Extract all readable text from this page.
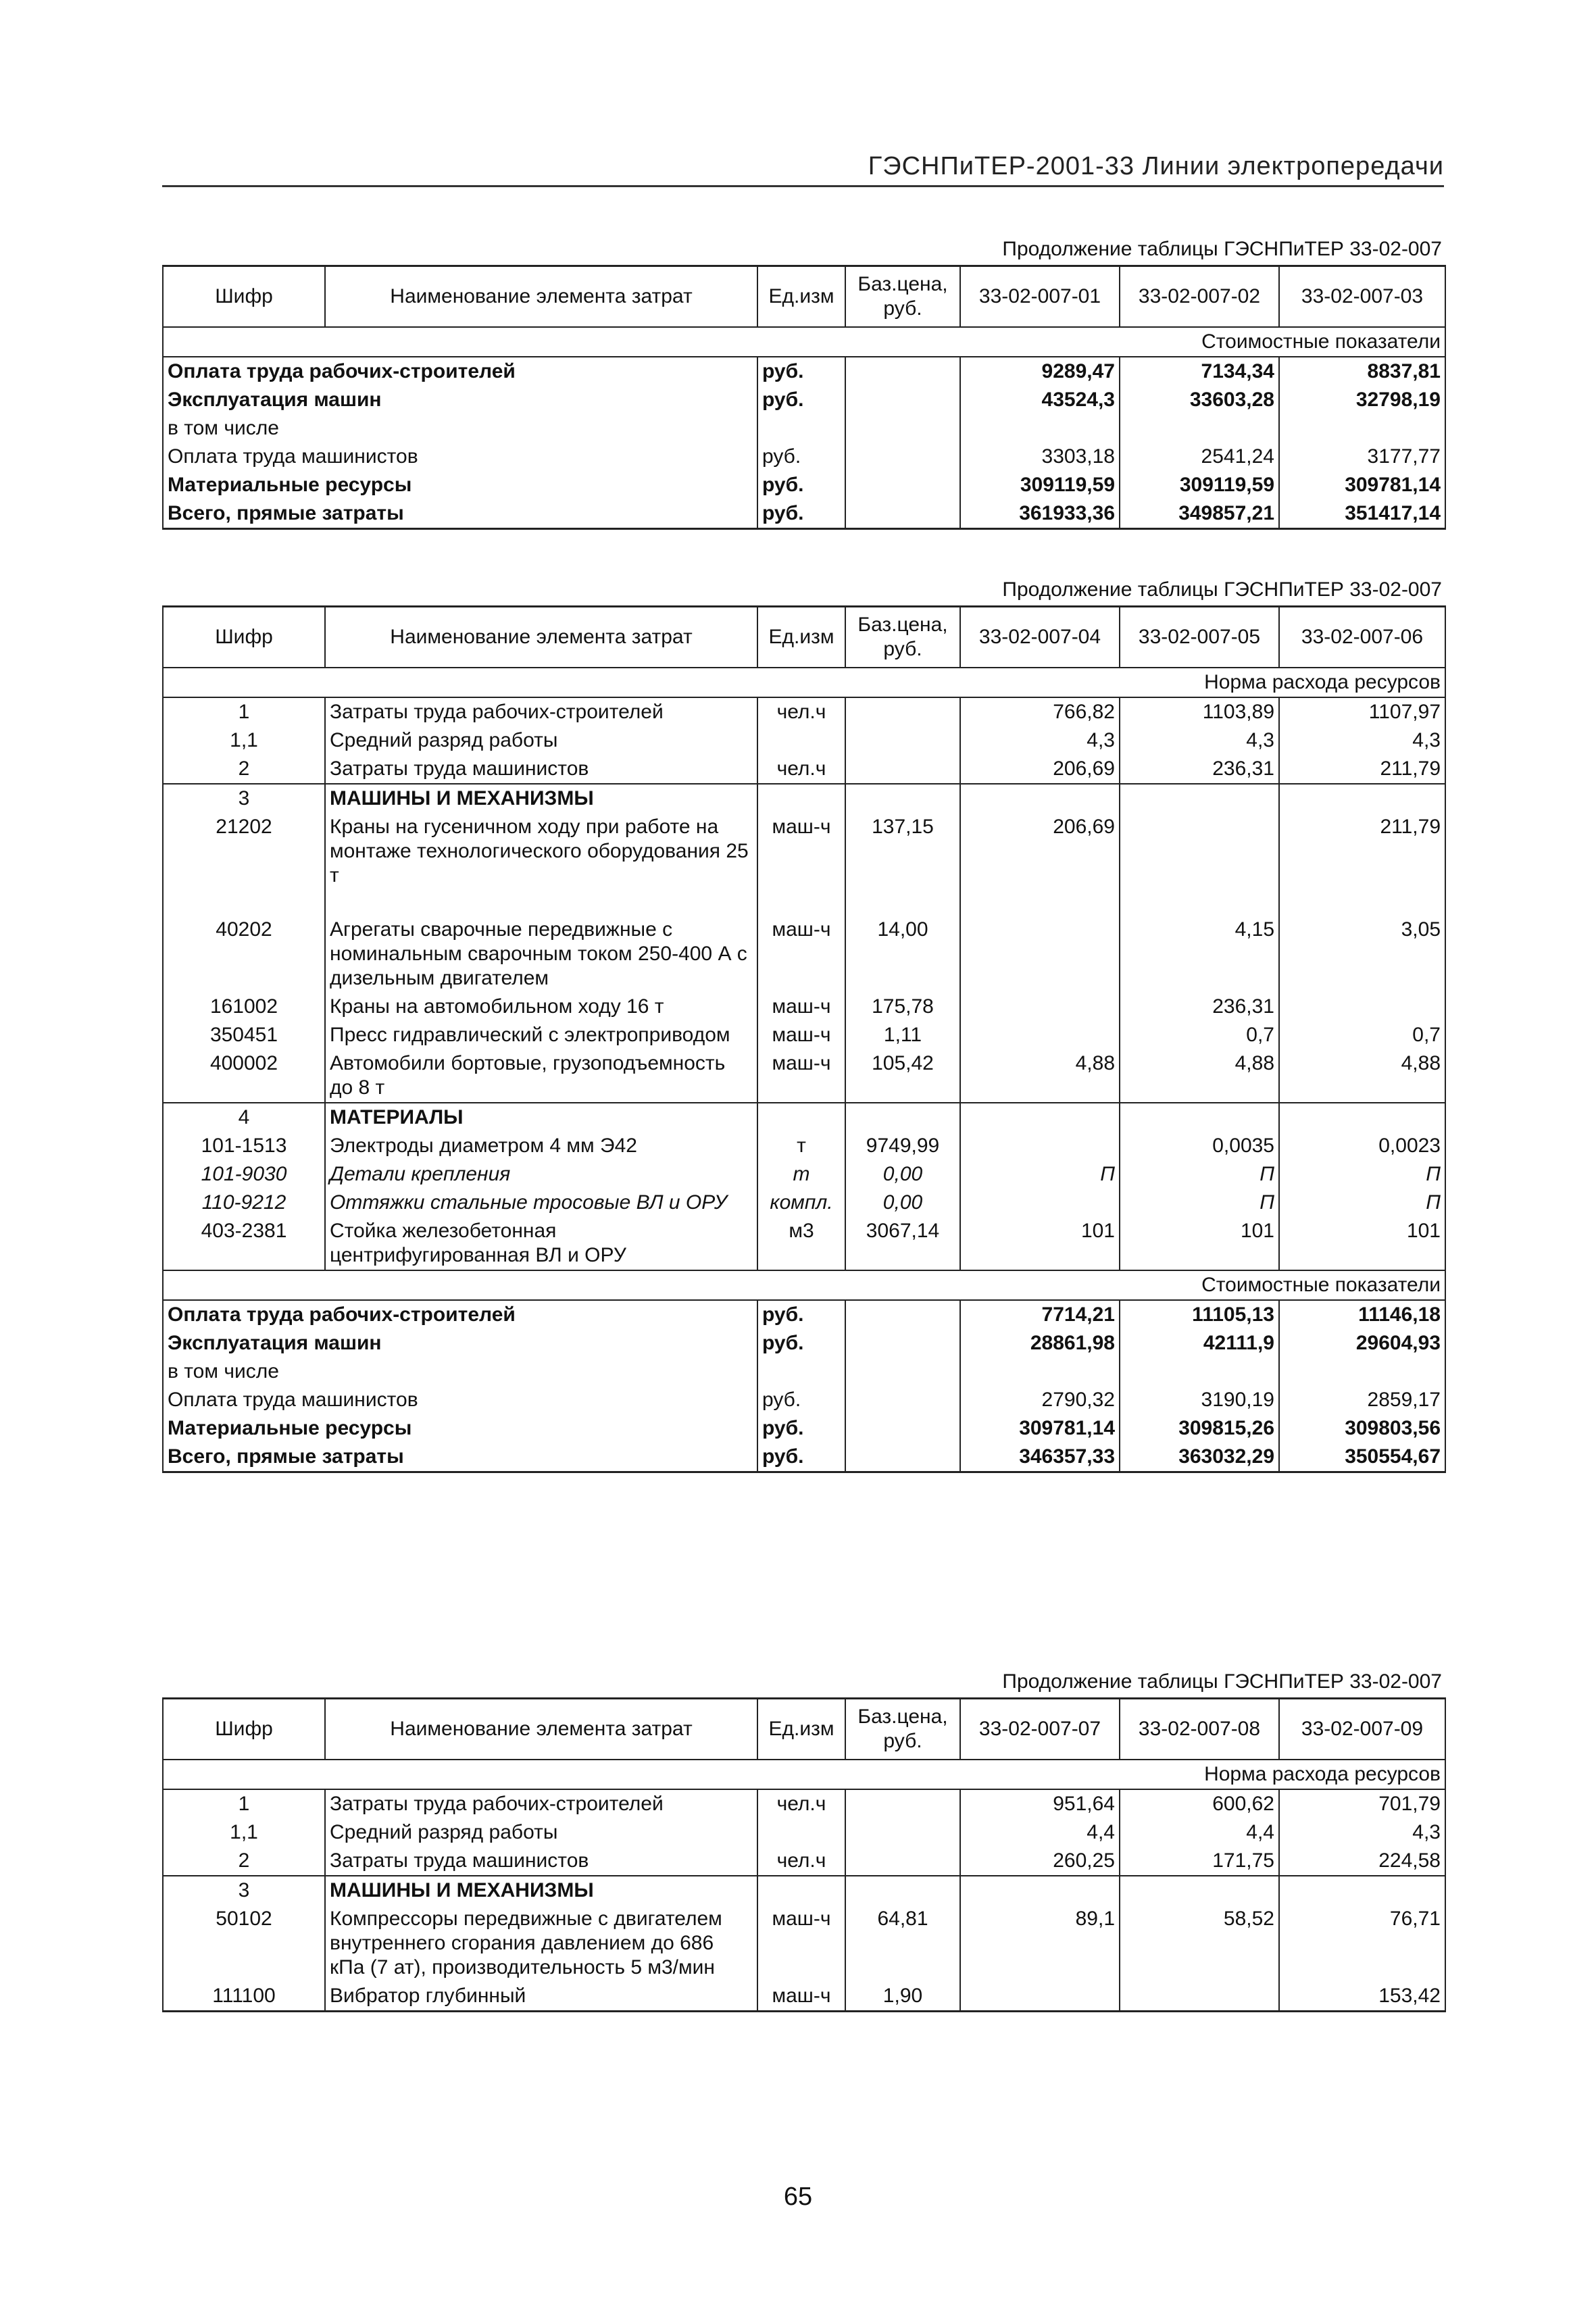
ГЭСНПиТЕР-2001-33 Линии электропередачи
Продолжение таблицы ГЭСНПиТЕР 33-02-007
Шифр	Наименование элемента затрат	Ед.изм	Баз.цена, руб.	33-02-007-01	33-02-007-02	33-02-007-03
Стоимостные показатели						
Оплата труда рабочих-строителей		руб.		9289,47	7134,34	8837,81
Эксплуатация машин		руб.		43524,3	33603,28	32798,19
в том числе						
Оплата труда машинистов		руб.		3303,18	2541,24	3177,77
Материальные ресурсы		руб.		309119,59	309119,59	309781,14
Всего, прямые затраты		руб.		361933,36	349857,21	351417,14
Продолжение таблицы ГЭСНПиТЕР 33-02-007
Шифр	Наименование элемента затрат	Ед.изм	Баз.цена, руб.	33-02-007-04	33-02-007-05	33-02-007-06
Норма расхода ресурсов						
1	Затраты труда рабочих-строителей	чел.ч		766,82	1103,89	1107,97
1,1	Средний разряд работы			4,3	4,3	4,3
2	Затраты труда машинистов	чел.ч		206,69	236,31	211,79
3	МАШИНЫ И МЕХАНИЗМЫ					
21202	Краны на гусеничном ходу при работе на монтаже технологического оборудования 25 т	маш-ч	137,15	206,69		211,79
40202	Агрегаты сварочные передвижные с номинальным сварочным током 250-400 А с дизельным двигателем	маш-ч	14,00		4,15	3,05
161002	Краны на автомобильном ходу 16 т	маш-ч	175,78		236,31	
350451	Пресс гидравлический с электроприводом	маш-ч	1,11		0,7	0,7
400002	Автомобили бортовые, грузоподъемность до 8 т	маш-ч	105,42	4,88	4,88	4,88
4	МАТЕРИАЛЫ					
101-1513	Электроды диаметром 4 мм Э42	т	9749,99		0,0035	0,0023
101-9030	Детали крепления	т	0,00	П	П	П
110-9212	Оттяжки стальные тросовые ВЛ и ОРУ	компл.	0,00		П	П
403-2381	Стойка железобетонная центрифугированная ВЛ и ОРУ	м3	3067,14	101	101	101
Стоимостные показатели						
Оплата труда рабочих-строителей		руб.		7714,21	11105,13	11146,18
Эксплуатация машин		руб.		28861,98	42111,9	29604,93
в том числе						
Оплата труда машинистов		руб.		2790,32	3190,19	2859,17
Материальные ресурсы		руб.		309781,14	309815,26	309803,56
Всего, прямые затраты		руб.		346357,33	363032,29	350554,67
Продолжение таблицы ГЭСНПиТЕР 33-02-007
Шифр	Наименование элемента затрат	Ед.изм	Баз.цена, руб.	33-02-007-07	33-02-007-08	33-02-007-09
Норма расхода ресурсов						
1	Затраты труда рабочих-строителей	чел.ч		951,64	600,62	701,79
1,1	Средний разряд работы			4,4	4,4	4,3
2	Затраты труда машинистов	чел.ч		260,25	171,75	224,58
3	МАШИНЫ И МЕХАНИЗМЫ					
50102	Компрессоры передвижные с двигателем внутреннего сгорания давлением до 686 кПа (7 ат), производительность 5 м3/мин	маш-ч	64,81	89,1	58,52	76,71
111100	Вибратор глубинный	маш-ч	1,90			153,42
65
